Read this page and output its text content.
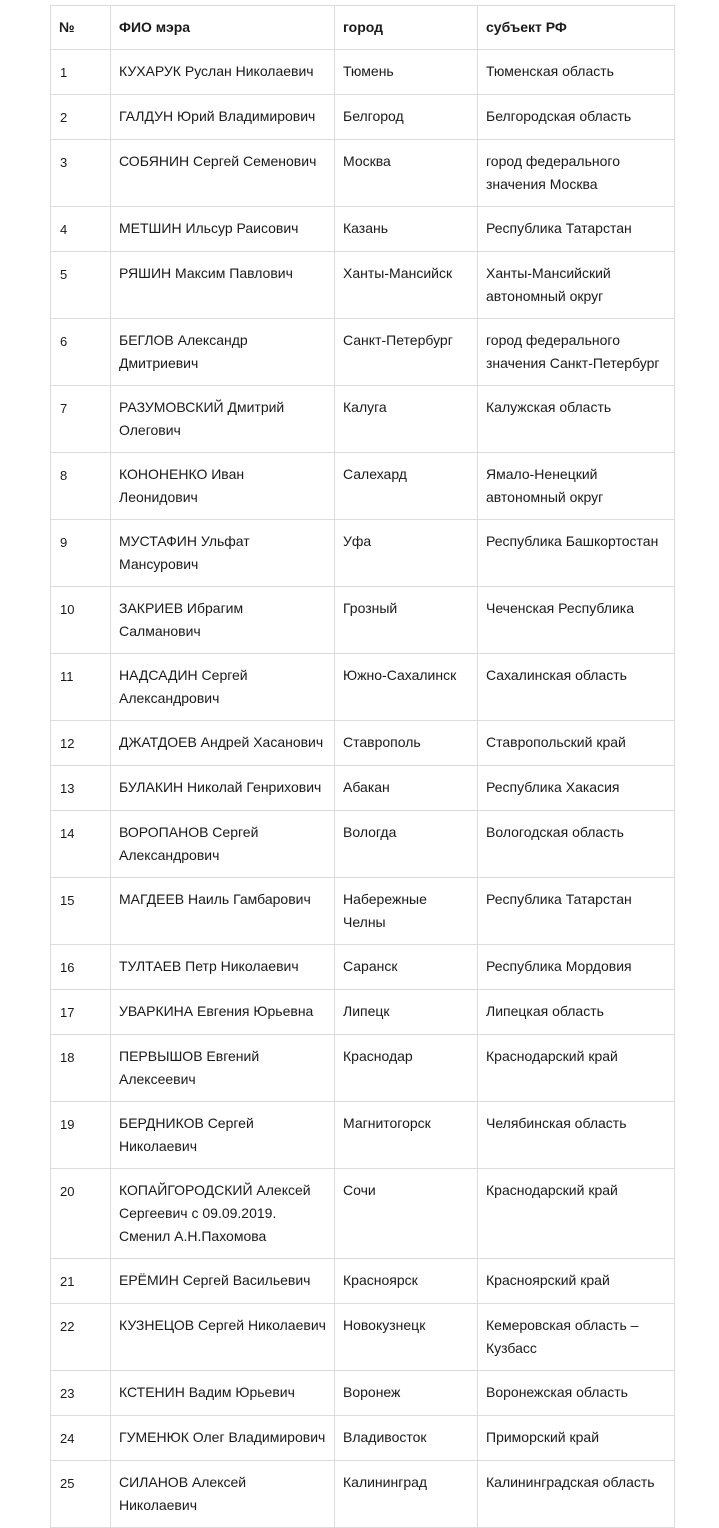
№	ФИО мэра	город	субъект РФ
1	КУХАРУК Руслан Николаевич	Тюмень	Тюменская область
2	ГАЛДУН Юрий Владимирович	Белгород	Белгородская область
3	СОБЯНИН Сергей Семенович	Москва	город федерального значения Москва
4	МЕТШИН Ильсур Раисович	Казань	Республика Татарстан
5	РЯШИН Максим Павлович	Ханты-Мансийск	Ханты-Мансийский автономный округ
6	БЕГЛОВ Александр Дмитриевич	Санкт-Петербург	город федерального значения Санкт-Петербург
7	РАЗУМОВСКИЙ Дмитрий Олегович	Калуга	Калужская область
8	КОНОНЕНКО Иван Леонидович	Салехард	Ямало-Ненецкий автономный округ
9	МУСТАФИН Ульфат Мансурович	Уфа	Республика Башкортостан
10	ЗАКРИЕВ Ибрагим Салманович	Грозный	Чеченская Республика
11	НАДСАДИН Сергей Александрович	Южно-Сахалинск	Сахалинская область
12	ДЖАТДОЕВ Андрей Хасанович	Ставрополь	Ставропольский край
13	БУЛАКИН Николай Генрихович	Абакан	Республика Хакасия
14	ВОРОПАНОВ Сергей Александрович	Вологда	Вологодская область
15	МАГДЕЕВ Наиль Гамбарович	Набережные Челны	Республика Татарстан
16	ТУЛТАЕВ Петр Николаевич	Саранск	Республика Мордовия
17	УВАРКИНА Евгения Юрьевна	Липецк	Липецкая область
18	ПЕРВЫШОВ Евгений Алексеевич	Краснодар	Краснодарский край
19	БЕРДНИКОВ Сергей Николаевич	Магнитогорск	Челябинская область
20	КОПАЙГОРОДСКИЙ Алексей Сергеевич с 09.09.2019. Сменил А.Н.Пахомова	Сочи	Краснодарский край
21	ЕРЁМИН Сергей Васильевич	Красноярск	Красноярский край
22	КУЗНЕЦОВ Сергей Николаевич	Новокузнецк	Кемеровская область – Кузбасс
23	КСТЕНИН Вадим Юрьевич	Воронеж	Воронежская область
24	ГУМЕНЮК Олег Владимирович	Владивосток	Приморский край
25	СИЛАНОВ Алексей Николаевич	Калининград	Калининградская область
